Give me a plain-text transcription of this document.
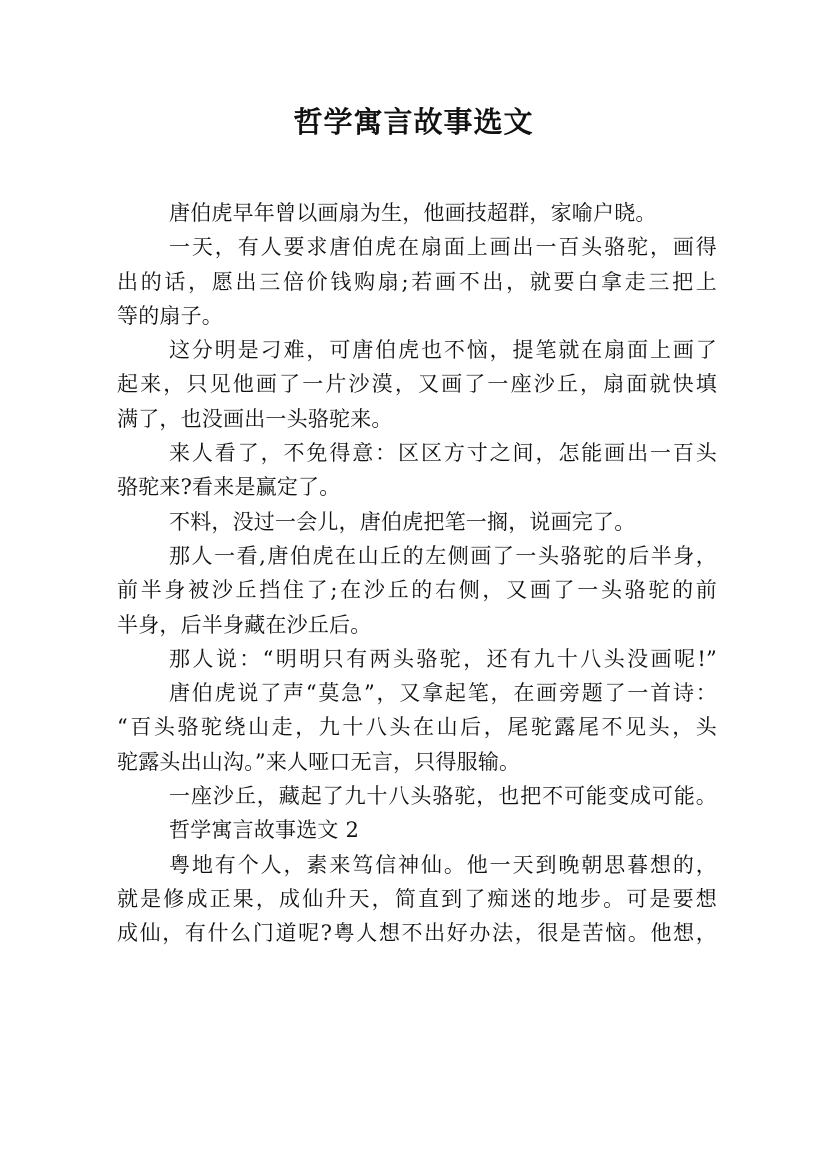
哲学寓言故事选文
唐伯虎早年曾以画扇为生，他画技超群，家喻户晓。
一天，有人要求唐伯虎在扇面上画出一百头骆驼，画得
出的话，愿出三倍价钱购扇;若画不出，就要白拿走三把上
等的扇子。
这分明是刁难，可唐伯虎也不恼，提笔就在扇面上画了
起来，只见他画了一片沙漠，又画了一座沙丘，扇面就快填
满了，也没画出一头骆驼来。
来人看了，不免得意：区区方寸之间，怎能画出一百头
骆驼来?看来是赢定了。
不料，没过一会儿，唐伯虎把笔一搁，说画完了。
那人一看,唐伯虎在山丘的左侧画了一头骆驼的后半身，
前半身被沙丘挡住了;在沙丘的右侧，又画了一头骆驼的前
半身，后半身藏在沙丘后。
那人说：“明明只有两头骆驼，还有九十八头没画呢!”
唐伯虎说了声“莫急”，又拿起笔，在画旁题了一首诗：
“百头骆驼绕山走，九十八头在山后，尾驼露尾不见头，头
驼露头出山沟。”来人哑口无言，只得服输。
一座沙丘，藏起了九十八头骆驼，也把不可能变成可能。
哲学寓言故事选文 2
粤地有个人，素来笃信神仙。他一天到晚朝思暮想的，
就是修成正果，成仙升天，简直到了痴迷的地步。可是要想
成仙，有什么门道呢?粤人想不出好办法，很是苦恼。他想，
